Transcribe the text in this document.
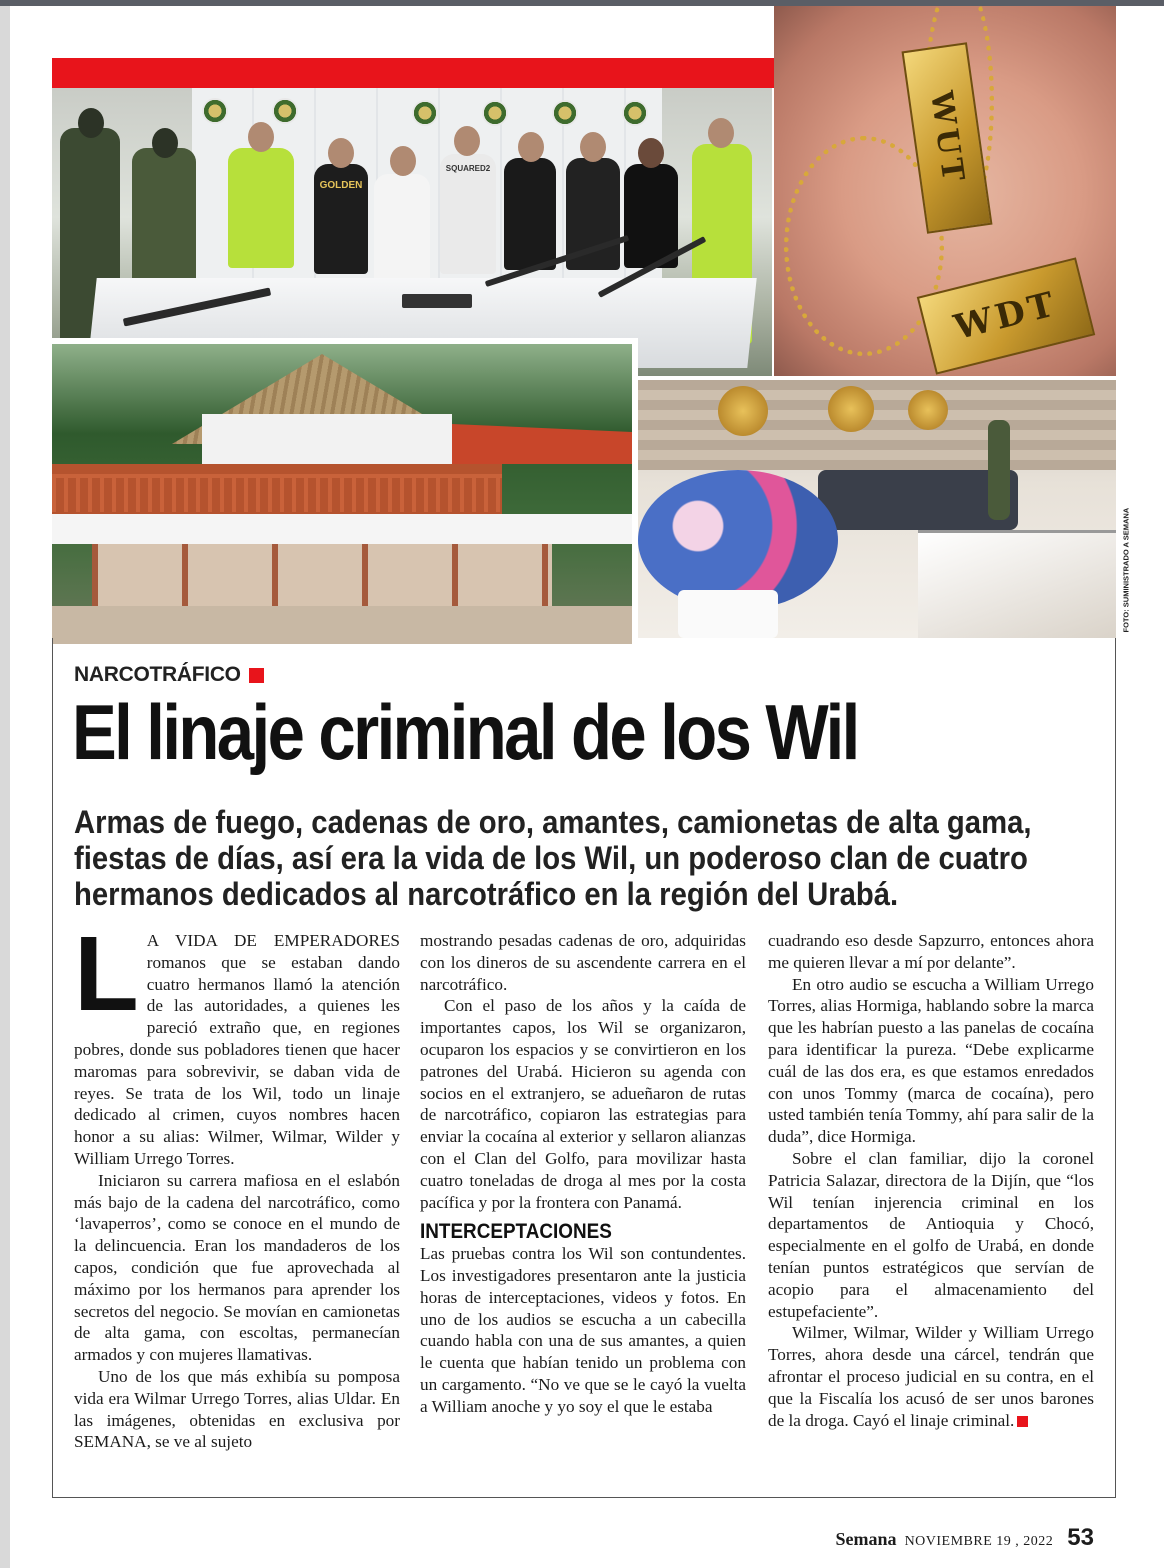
GOLDEN
SQUARED2	WUT
WDT
FOTO: SUMINISTRADO A SEMANA
NARCOTRÁFICO
El linaje criminal de los Wil
Armas de fuego, cadenas de oro, amantes, camionetas de alta gama, fiestas de días, así era la vida de los Wil, un poderoso clan de cuatro hermanos dedicados al narcotráfico en la región del Urabá.

L A VIDA DE EMPERADORES romanos que se estaban dando cuatro hermanos llamó la atención de las autoridades, a quienes les pareció extraño que, en regiones pobres, donde sus pobladores tienen que hacer maromas para sobrevivir, se daban vida de reyes. Se trata de los Wil, todo un linaje dedicado al crimen, cuyos nombres hacen honor a su alias: Wilmer, Wilmar, Wilder y William Urrego Torres.

Iniciaron su carrera mafiosa en el eslabón más bajo de la cadena del narcotráfico, como ‘lavaperros’, como se conoce en el mundo de la delincuencia. Eran los mandaderos de los capos, condición que fue aprovechada al máximo por los hermanos para aprender los secretos del negocio. Se movían en camionetas de alta gama, con escoltas, permanecían armados y con mujeres llamativas.

Uno de los que más exhibía su pomposa vida era Wilmar Urrego Torres, alias Uldar. En las imágenes, obtenidas en exclusiva por SEMANA, se ve al sujeto

mostrando pesadas cadenas de oro, adquiridas con los dineros de su ascendente carrera en el narcotráfico.

Con el paso de los años y la caída de importantes capos, los Wil se organizaron, ocuparon los espacios y se convirtieron en los patrones del Urabá. Hicieron su agenda con socios en el extranjero, se adueñaron de rutas de narcotráfico, copiaron las estrategias para enviar la cocaína al exterior y sellaron alianzas con el Clan del Golfo, para movilizar hasta cuatro toneladas de droga al mes por la costa pacífica y por la frontera con Panamá.

INTERCEPTACIONES

Las pruebas contra los Wil son contundentes. Los investigadores presentaron ante la justicia horas de interceptaciones, videos y fotos. En uno de los audios se escucha a un cabecilla cuando habla con una de sus amantes, a quien le cuenta que habían tenido un problema con un cargamento. “No ve que se le cayó la vuelta a William anoche y yo soy el que le estaba

cuadrando eso desde Sapzurro, entonces ahora me quieren llevar a mí por delante”.

En otro audio se escucha a William Urrego Torres, alias Hormiga, hablando sobre la marca que les habrían puesto a las panelas de cocaína para identificar la pureza. “Debe explicarme cuál de las dos era, es que estamos enredados con unos Tommy (marca de cocaína), pero usted también tenía Tommy, ahí para salir de la duda”, dice Hormiga.

Sobre el clan familiar, dijo la coronel Patricia Salazar, directora de la Dijín, que “los Wil tenían injerencia criminal en los departamentos de Antioquia y Chocó, especialmente en el golfo de Urabá, en donde tenían puntos estratégicos que servían de acopio para el almacenamiento del estupefaciente”.

Wilmer, Wilmar, Wilder y William Urrego Torres, ahora desde una cárcel, tendrán que afrontar el proceso judicial en su contra, en el que la Fiscalía los acusó de ser unos barones de la droga. Cayó el linaje criminal.

Semana NOVIEMBRE 19 , 2022 53
